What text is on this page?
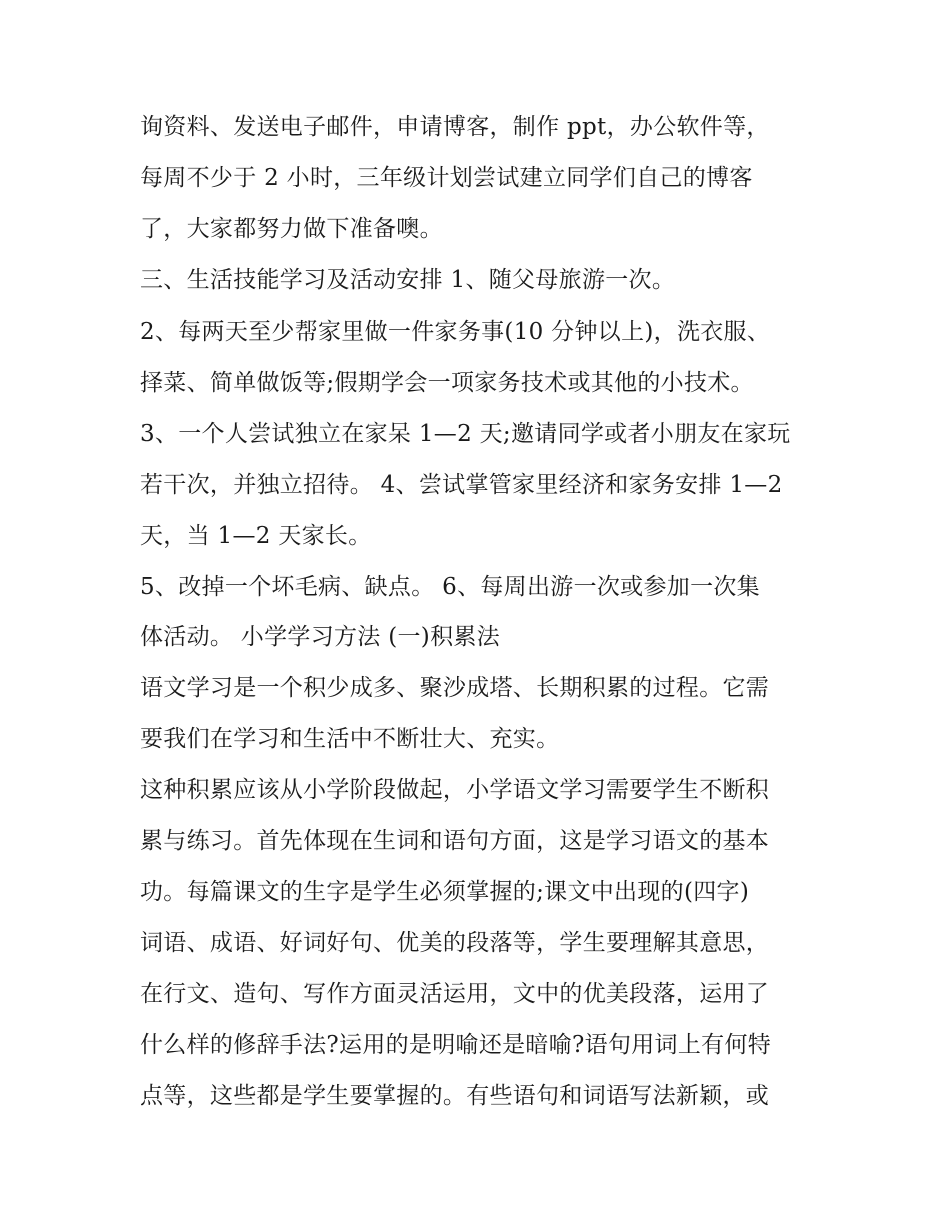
询资料、发送电子邮件，申请博客，制作 ppt，办公软件等，
每周不少于 2 小时，三年级计划尝试建立同学们自己的博客
了，大家都努力做下准备噢。
三、生活技能学习及活动安排 1、随父母旅游一次。
2、每两天至少帮家里做一件家务事(10 分钟以上)，洗衣服、
择菜、简单做饭等;假期学会一项家务技术或其他的小技术。
3、一个人尝试独立在家呆 1—2 天;邀请同学或者小朋友在家玩
若干次，并独立招待。 4、尝试掌管家里经济和家务安排 1—2
天，当 1—2 天家长。
5、改掉一个坏毛病、缺点。 6、每周出游一次或参加一次集
体活动。 小学学习方法 (一)积累法
语文学习是一个积少成多、聚沙成塔、长期积累的过程。它需
要我们在学习和生活中不断壮大、充实。
这种积累应该从小学阶段做起，小学语文学习需要学生不断积
累与练习。首先体现在生词和语句方面，这是学习语文的基本
功。每篇课文的生字是学生必须掌握的;课文中出现的(四字)
词语、成语、好词好句、优美的段落等，学生要理解其意思，
在行文、造句、写作方面灵活运用，文中的优美段落，运用了
什么样的修辞手法?运用的是明喻还是暗喻?语句用词上有何特
点等，这些都是学生要掌握的。有些语句和词语写法新颖，或
